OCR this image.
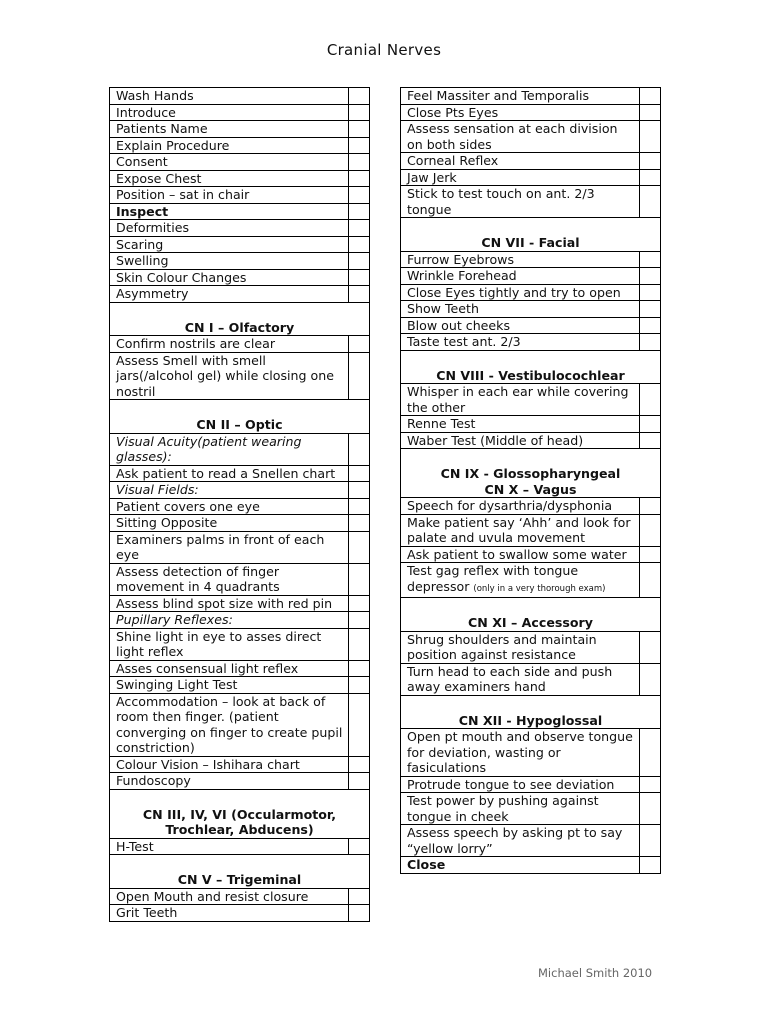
Cranial Nerves
Wash Hands	
Introduce	
Patients Name	
Explain Procedure	
Consent	
Expose Chest	
Position – sat in chair	
Inspect	
Deformities	
Scaring	
Swelling	
Skin Colour Changes	
Asymmetry	
CN I – Olfactory	
Confirm nostrils are clear	
Assess Smell with smell jars(/alcohol gel) while closing one nostril	
CN II – Optic	
Visual Acuity(patient wearing glasses):	
Ask patient to read a Snellen chart	
Visual Fields:	
Patient covers one eye	
Sitting Opposite	
Examiners palms in front of each eye	
Assess detection of finger movement in 4 quadrants	
Assess blind spot size with red pin	
Pupillary Reflexes:	
Shine light in eye to asses direct light reflex	
Asses consensual light reflex	
Swinging Light Test	
Accommodation – look at back of room then finger. (patient converging on finger to create pupil constriction)	
Colour Vision – Ishihara chart	
Fundoscopy	
CN III, IV, VI (Occularmotor, Trochlear, Abducens)	
H-Test	
CN V – Trigeminal	
Open Mouth and resist closure	
Grit Teeth	
Feel Massiter and Temporalis	
Close Pts Eyes	
Assess sensation at each division on both sides	
Corneal Reflex	
Jaw Jerk	
Stick to test touch on ant. 2/3 tongue	
CN VII - Facial	
Furrow Eyebrows	
Wrinkle Forehead	
Close Eyes tightly and try to open	
Show Teeth	
Blow out cheeks	
Taste test ant. 2/3	
CN VIII - Vestibulocochlear	
Whisper in each ear while covering the other	
Renne Test	
Waber Test (Middle of head)	
CN IX - Glossopharyngeal
CN X – Vagus	
Speech for dysarthria/dysphonia	
Make patient say ‘Ahh’ and look for palate and uvula movement	
Ask patient to swallow some water	
Test gag reflex with tongue depressor (only in a very thorough exam)	
CN XI – Accessory	
Shrug shoulders and maintain position against resistance	
Turn head to each side and push away examiners hand	
CN XII - Hypoglossal	
Open pt mouth and observe tongue for deviation, wasting or fasiculations	
Protrude tongue to see deviation	
Test power by pushing against tongue in cheek	
Assess speech by asking pt to say “yellow lorry”	
Close	
Michael Smith 2010
